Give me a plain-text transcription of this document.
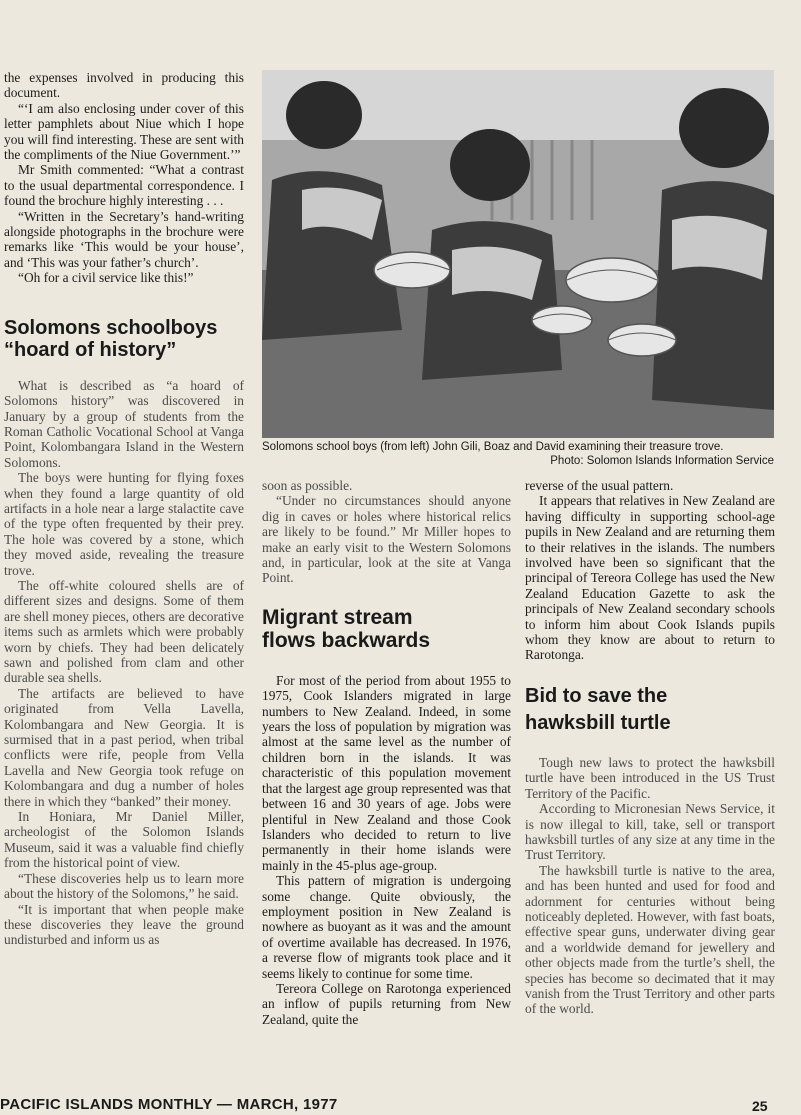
the expenses involved in producing this document.

“‘I am also enclosing under cover of this letter pamphlets about Niue which I hope you will find interesting. These are sent with the compliments of the Niue Government.’”

Mr Smith commented: “What a contrast to the usual departmental correspondence. I found the brochure highly interesting . . .

“Written in the Secretary’s hand-writing alongside photographs in the brochure were remarks like ‘This would be your house’, and ‘This was your father’s church’.

“Oh for a civil service like this!”

Solomons schoolboys
“hoard of history”

What is described as “a hoard of Solomons history” was discovered in January by a group of students from the Roman Catholic Vocational School at Vanga Point, Kolombangara Island in the Western Solomons.

The boys were hunting for flying foxes when they found a large quantity of old artifacts in a hole near a large stalactite cave of the type often frequented by their prey. The hole was covered by a stone, which they moved aside, revealing the treasure trove.

The off-white coloured shells are of different sizes and designs. Some of them are shell money pieces, others are decorative items such as armlets which were probably worn by chiefs. They had been delicately sawn and polished from clam and other durable sea shells.

The artifacts are believed to have originated from Vella Lavella, Kolombangara and New Georgia. It is surmised that in a past period, when tribal conflicts were rife, people from Vella Lavella and New Georgia took refuge on Kolombangara and dug a number of holes there in which they “banked” their money.

In Honiara, Mr Daniel Miller, archeologist of the Solomon Islands Museum, said it was a valuable find chiefly from the historical point of view.

“These discoveries help us to learn more about the history of the Solomons,” he said.

“It is important that when people make these discoveries they leave the ground undisturbed and inform us as

Solomons school boys (from left) John Gili, Boaz and David examining their treasure trove.
Photo: Solomon Islands Information Service

soon as possible.

“Under no circumstances should anyone dig in caves or holes where historical relics are likely to be found.” Mr Miller hopes to make an early visit to the Western Solomons and, in particular, look at the site at Vanga Point.

Migrant stream
flows backwards

For most of the period from about 1955 to 1975, Cook Islanders migrated in large numbers to New Zealand. Indeed, in some years the loss of population by migration was almost at the same level as the number of children born in the islands. It was characteristic of this population movement that the largest age group represented was that between 16 and 30 years of age. Jobs were plentiful in New Zealand and those Cook Islanders who decided to return to live permanently in their home islands were mainly in the 45-plus age-group.

This pattern of migration is undergoing some change. Quite obviously, the employment position in New Zealand is nowhere as buoyant as it was and the amount of overtime available has decreased. In 1976, a reverse flow of migrants took place and it seems likely to continue for some time.

Tereora College on Rarotonga experienced an inflow of pupils returning from New Zealand, quite the

reverse of the usual pattern.

It appears that relatives in New Zealand are having difficulty in supporting school-age pupils in New Zealand and are returning them to their relatives in the islands. The numbers involved have been so significant that the principal of Tereora College has used the New Zealand Education Gazette to ask the principals of New Zealand secondary schools to inform him about Cook Islands pupils whom they know are about to return to Rarotonga.

Bid to save the
hawksbill turtle

Tough new laws to protect the hawksbill turtle have been introduced in the US Trust Territory of the Pacific.

According to Micronesian News Service, it is now illegal to kill, take, sell or transport hawksbill turtles of any size at any time in the Trust Territory.

The hawksbill turtle is native to the area, and has been hunted and used for food and adornment for centuries without being noticeably depleted. However, with fast boats, effective spear guns, underwater diving gear and a worldwide demand for jewellery and other objects made from the turtle’s shell, the species has become so decimated that it may vanish from the Trust Territory and other parts of the world.

PACIFIC ISLANDS MONTHLY — MARCH, 1977	25
